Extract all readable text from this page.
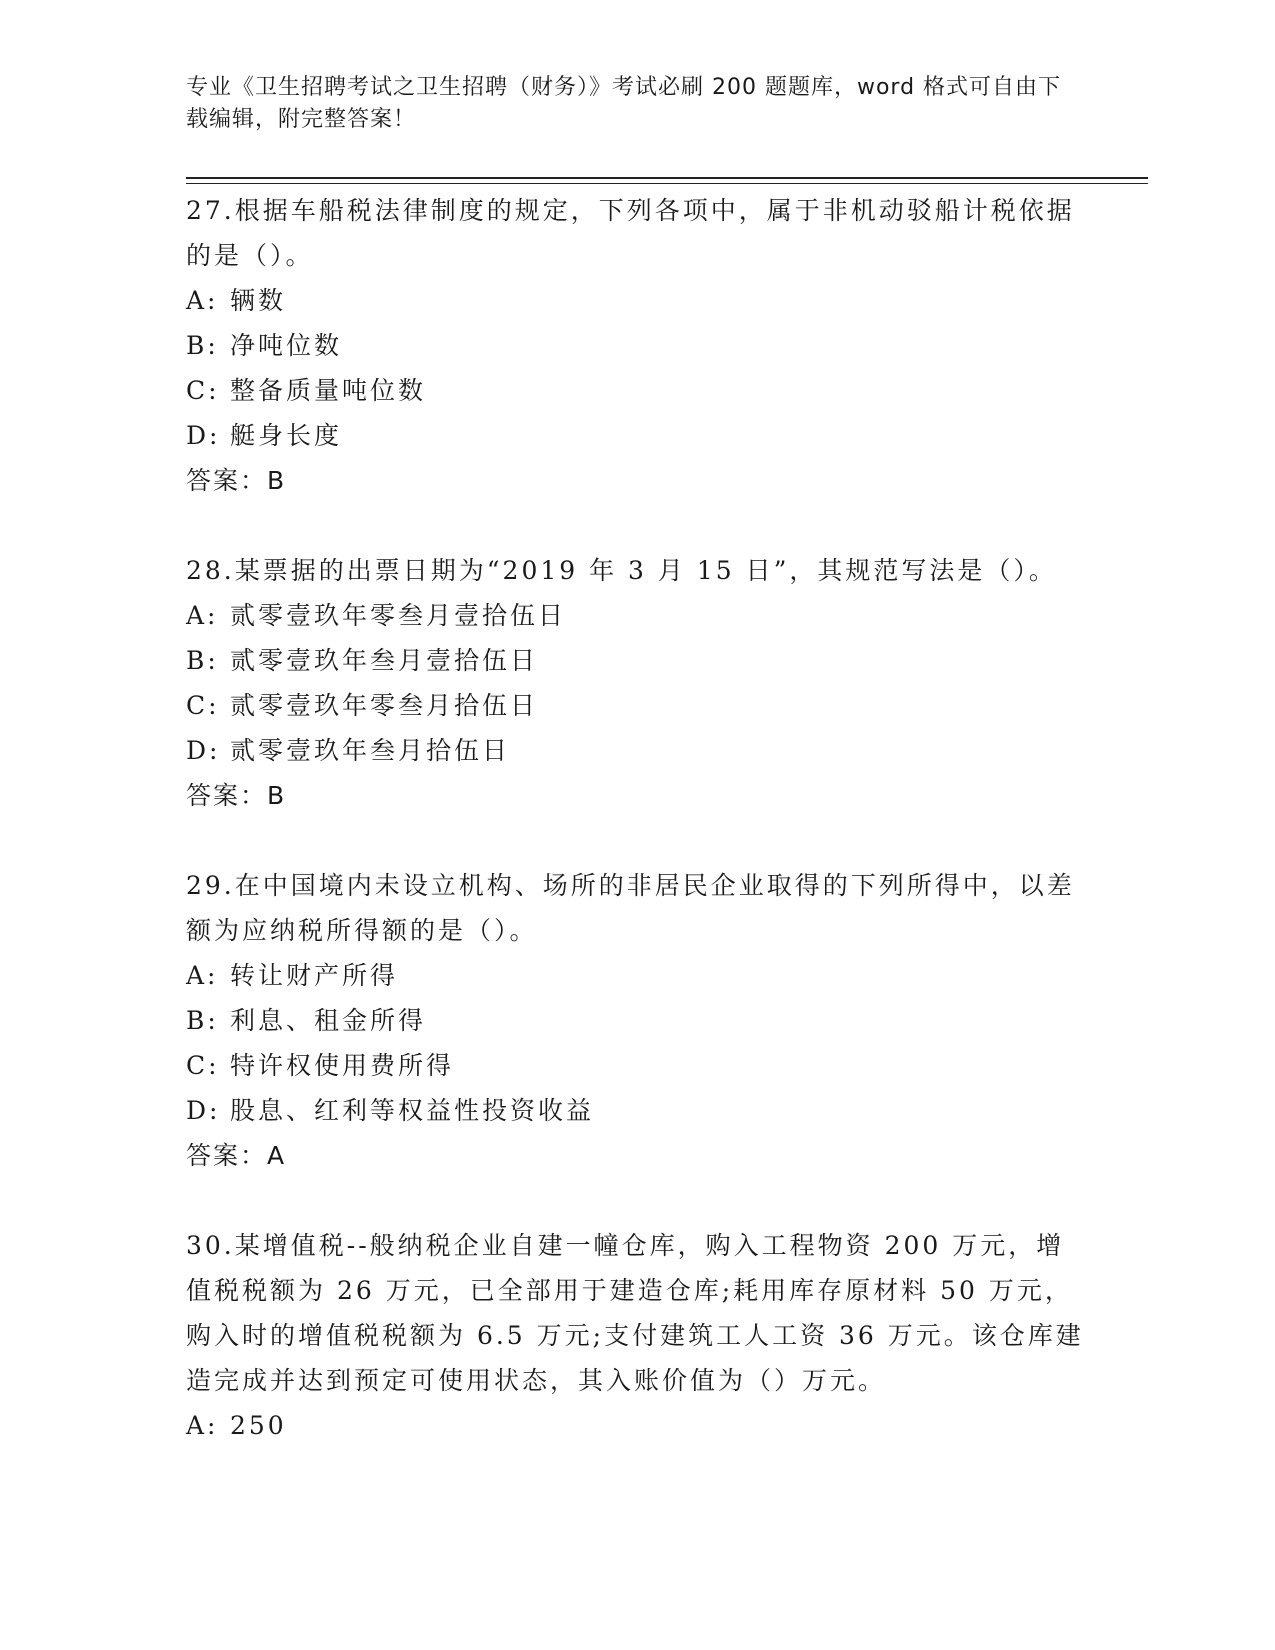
专业《卫生招聘考试之卫生招聘（财务）》考试必刷 200 题题库，word 格式可自由下载编辑，附完整答案！

27.根据车船税法律制度的规定，下列各项中，属于非机动驳船计税依据的是（）。

A: 辆数
B: 净吨位数
C: 整备质量吨位数
D: 艇身长度
答案：B

28.某票据的出票日期为“2019 年 3 月 15 日”，其规范写法是（）。

A: 贰零壹玖年零叁月壹拾伍日
B: 贰零壹玖年叁月壹拾伍日
C: 贰零壹玖年零叁月拾伍日
D: 贰零壹玖年叁月拾伍日
答案：B

29.在中国境内未设立机构、场所的非居民企业取得的下列所得中，以差额为应纳税所得额的是（）。

A: 转让财产所得
B: 利息、租金所得
C: 特许权使用费所得
D: 股息、红利等权益性投资收益
答案：A

30.某增值税--般纳税企业自建一幢仓库，购入工程物资 200 万元，增值税税额为 26 万元，已全部用于建造仓库;耗用库存原材料 50 万元，购入时的增值税税额为 6.5 万元;支付建筑工人工资 36 万元。该仓库建造完成并达到预定可使用状态，其入账价值为（）万元。

A: 250
